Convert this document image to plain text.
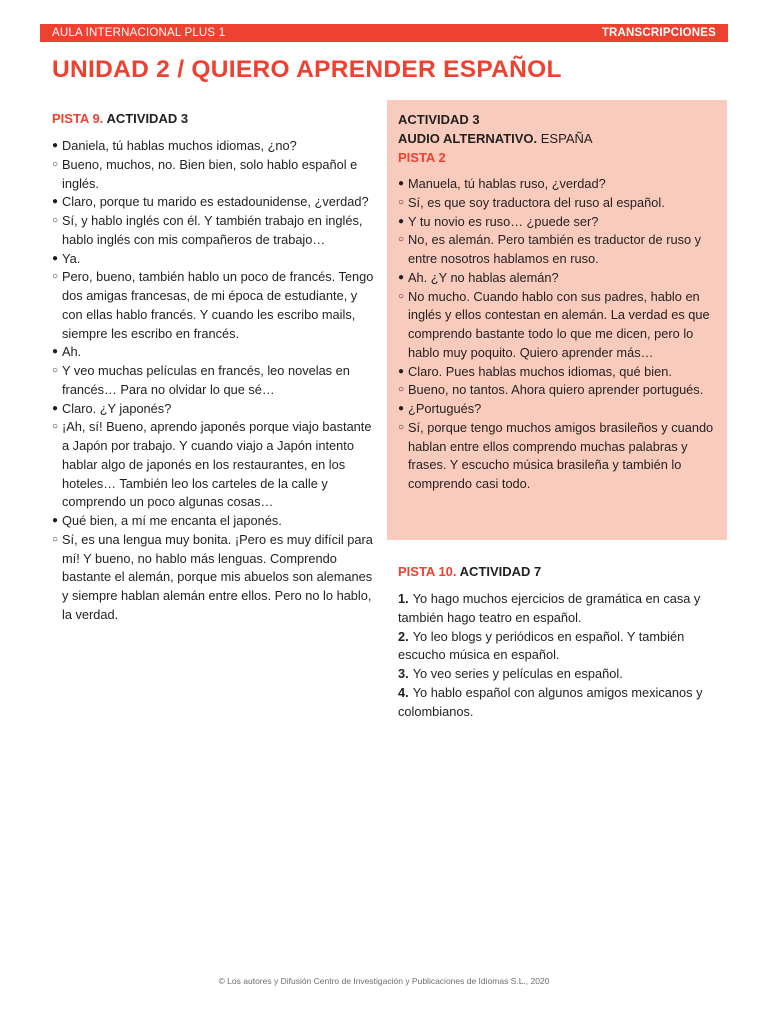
AULA INTERNACIONAL PLUS 1	TRANSCRIPCIONES
UNIDAD 2 / QUIERO APRENDER ESPAÑOL
PISTA 9. ACTIVIDAD 3
● Daniela, tú hablas muchos idiomas, ¿no?
○ Bueno, muchos, no. Bien bien, solo hablo español e inglés.
● Claro, porque tu marido es estadounidense, ¿verdad?
○ Sí, y hablo inglés con él. Y también trabajo en inglés, hablo inglés con mis compañeros de trabajo…
● Ya.
○ Pero, bueno, también hablo un poco de francés. Tengo dos amigas francesas, de mi época de estudiante, y con ellas hablo francés. Y cuando les escribo mails, siempre les escribo en francés.
● Ah.
○ Y veo muchas películas en francés, leo novelas en francés… Para no olvidar lo que sé…
● Claro. ¿Y japonés?
○ ¡Ah, sí! Bueno, aprendo japonés porque viajo bastante a Japón por trabajo. Y cuando viajo a Japón intento hablar algo de japonés en los restaurantes, en los hoteles… También leo los carteles de la calle y comprendo un poco algunas cosas…
● Qué bien, a mí me encanta el japonés.
○ Sí, es una lengua muy bonita. ¡Pero es muy difícil para mí! Y bueno, no hablo más lenguas. Comprendo bastante el alemán, porque mis abuelos son alemanes y siempre hablan alemán entre ellos. Pero no lo hablo, la verdad.
ACTIVIDAD 3
AUDIO ALTERNATIVO. ESPAÑA
PISTA 2
● Manuela, tú hablas ruso, ¿verdad?
○ Sí, es que soy traductora del ruso al español.
● Y tu novio es ruso… ¿puede ser?
○ No, es alemán. Pero también es traductor de ruso y entre nosotros hablamos en ruso.
● Ah. ¿Y no hablas alemán?
○ No mucho. Cuando hablo con sus padres, hablo en inglés y ellos contestan en alemán. La verdad es que comprendo bastante todo lo que me dicen, pero lo hablo muy poquito. Quiero aprender más…
● Claro. Pues hablas muchos idiomas, qué bien.
○ Bueno, no tantos. Ahora quiero aprender portugués.
● ¿Portugués?
○ Sí, porque tengo muchos amigos brasileños y cuando hablan entre ellos comprendo muchas palabras y frases. Y escucho música brasileña y también lo comprendo casi todo.
PISTA 10. ACTIVIDAD 7
1. Yo hago muchos ejercicios de gramática en casa y también hago teatro en español.
2. Yo leo blogs y periódicos en español. Y también escucho música en español.
3. Yo veo series y películas en español.
4. Yo hablo español con algunos amigos mexicanos y colombianos.
© Los autores y Difusión Centro de Investigación y Publicaciones de Idiomas S.L., 2020
